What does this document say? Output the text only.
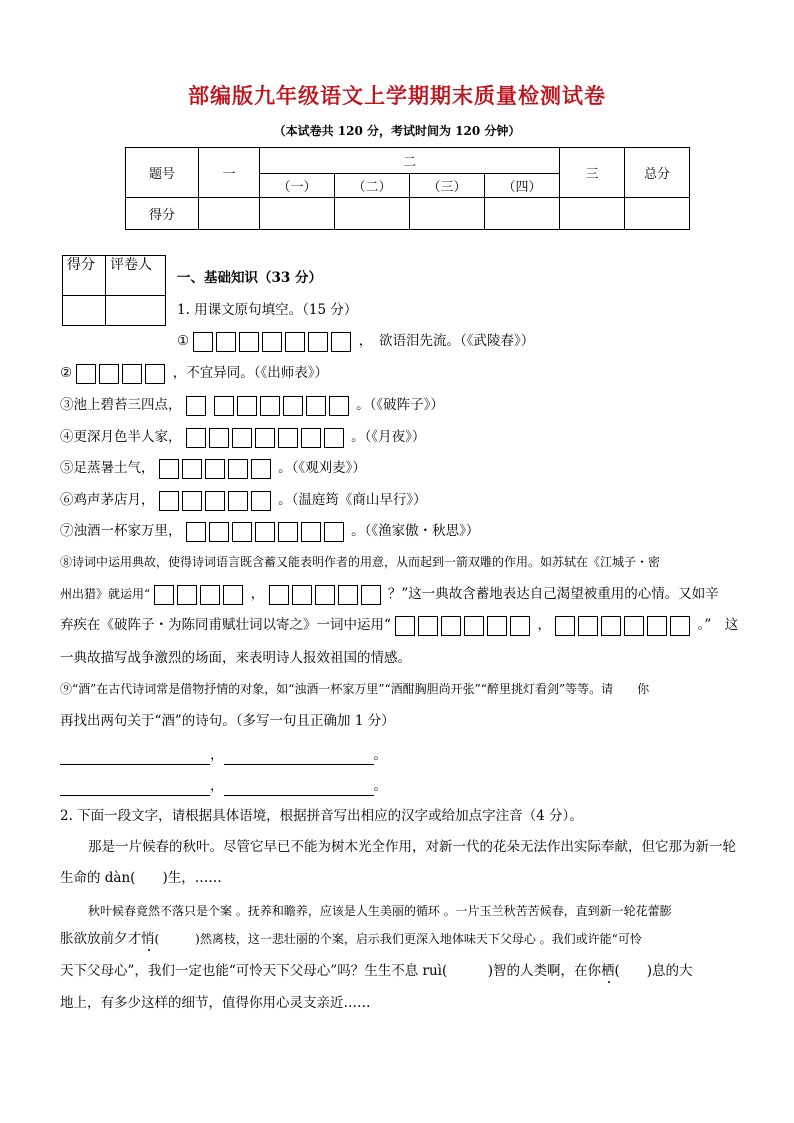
部编版九年级语文上学期期末质量检测试卷
（本试卷共 120 分，考试时间为 120 分钟）
题号	一	二				三	总分
		（一）	（二）	（三）	（四）		
得分							
得分	评卷人

一、基础知识（33 分）
1. 用课文原句填空。（15 分）
①	，　欲语泪先流。（《武陵春》）
②	，不宜异同。（《出师表》）
③池上碧苔三四点，	。（《破阵子》）
④更深月色半人家，	。（《月夜》）
⑤足蒸暑土气，	。（《观刈麦》）
⑥鸡声茅店月，	。（温庭筠《商山早行》）
⑦浊酒一杯家万里，	。（《渔家傲・秋思》）
⑧诗词中运用典故，使得诗词语言既含蓄又能表明作者的用意，从而起到一箭双雕的作用。如苏轼在《江城子・密
州出猎》就运用“	，	？”这一典故含蓄地表达自己渴望被重用的心情。又如辛
弃疾在《破阵子・为陈同甫赋壮词以寄之》一词中运用“	，	。”　这
一典故描写战争激烈的场面，来表明诗人报效祖国的情感。
⑨“酒”在古代诗词常是借物抒情的对象，如“浊酒一杯家万里”“酒酣胸胆尚开张”“醉里挑灯看剑”等等。请　　你
再找出两句关于“酒”的诗句。（多写一句且正确加 1 分）
，	。
，	。
2. 下面一段文字，请根据具体语境，根据拼音写出相应的汉字或给加点字注音（4 分）。
那是一片候春的秋叶。尽管它早已不能为树木光全作用，对新一代的花朵无法作出实际奉献，但它那为新一轮
生命的 dàn(　　)生，……
秋叶候春竟然不落只是个案 。抚养和瞻养，应该是人生美丽的循环 。一片玉兰秋苦苦候春，直到新一轮花蕾膨
胀欲放前夕才悄(　　　)然离枝，这一悲壮丽的个案，启示我们更深入地体味天下父母心 。我们或许能“可怜
天下父母心”，我们一定也能“可怜天下父母心”吗？生生不息 ruì(　　　)智的人类啊，在你栖(　　)息的大
地上，有多少这样的细节，值得你用心灵支亲近……
